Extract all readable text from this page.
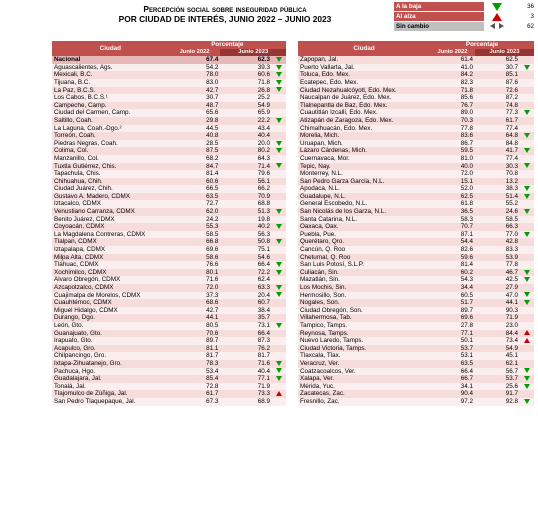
Percepción social sobre inseguridad pública
POR CIUDAD DE INTERÉS, JUNIO 2022 – JUNIO 2023
A la baja		36
Al alza		3
Sin cambio		62
Ciudad	Porcentaje		
	Junio 2022	Junio 2023	
Nacional	67.4	62.3	
Aguascalientes, Ags.	54.2	39.3	
Mexicali, B.C.	78.0	60.6	
Tijuana, B.C.	83.0	71.8	
La Paz, B.C.S.	42.7	26.8	
Los Cabos, B.C.S.¹	30.7	25.2	
Campeche, Camp.	48.7	54.9	
Ciudad del Carmen, Camp.	65.6	65.9	
Saltillo, Coah.	29.8	22.2	
La Laguna, Coah.-Dgo.²	44.5	43.4	
Torreón, Coah.	40.8	40.4	
Piedras Negras, Coah.	28.5	20.0	
Colima, Col.	87.5	80.2	
Manzanillo, Col.	68.2	64.3	
Tuxtla Gutiérrez, Chis.	84.7	71.4	
Tapachula, Chis.	81.4	79.6	
Chihuahua, Chih.	60.6	56.1	
Ciudad Juárez, Chih.	66.5	66.2	
Gustavo A. Madero, CDMX	63.5	70.9	
Iztacalco, CDMX	72.7	68.8	
Venustiano Carranza, CDMX	62.0	51.3	
Benito Juárez, CDMX	24.2	19.8	
Coyoacán, CDMX	55.3	40.2	
La Magdalena Contreras, CDMX	58.5	56.3	
Tlalpan, CDMX	66.8	50.8	
Iztapalapa, CDMX	69.6	75.1	
Milpa Alta, CDMX	58.6	54.6	
Tláhuac, CDMX	76.6	66.4	
Xochimilco, CDMX	80.1	72.2	
Álvaro Obregón, CDMX	71.6	62.4	
Azcapotzalco, CDMX	72.0	63.3	
Cuajimalpa de Morelos, CDMX	37.3	20.4	
Cuauhtémoc, CDMX	68.6	60.7	
Miguel Hidalgo, CDMX	42.7	38.4	
Durango, Dgo.	44.1	35.7	
León, Gto.	80.5	73.1	
Guanajuato, Gto.	70.6	66.4	
Irapuato, Gto.	89.7	87.3	
Acapulco, Gro.	81.1	76.2	
Chilpancingo, Gro.	81.7	81.7	
Ixtapa-Zihuatanejo, Gro.	78.3	71.6	
Pachuca, Hgo.	53.4	40.4	
Guadalajara, Jal.	85.4	77.1	
Tonalá, Jal.	72.8	71.9	
Tlajomulco de Zúñiga, Jal.	61.7	73.3	
San Pedro Tlaquepaque, Jal.	67.3	68.9	
Ciudad	Porcentaje		
	Junio 2022	Junio 2023	
Zapopan, Jal.	61.4	62.5	
Puerto Vallarta, Jal.	41.0	30.7	
Toluca, Edo. Mex.	84.2	85.1	
Ecatepec, Edo. Mex.	82.3	87.6	
Ciudad Nezahualcóyotl, Edo. Mex.	71.8	72.6	
Naucalpan de Juárez, Edo. Mex.	85.6	87.2	
Tlalnepantla de Baz, Edo. Mex.	76.7	74.8	
Cuautitlán Izcalli, Edo. Mex.	89.0	77.3	
Atizapán de Zaragoza, Edo. Mex.	70.3	61.7	
Chimalhuacán, Edo. Mex.	77.8	77.4	
Morelia, Mich.	83.6	64.8	
Uruapan, Mich.	86.7	84.8	
Lázaro Cárdenas, Mich.	59.5	41.7	
Cuernavaca, Mor.	81.0	77.4	
Tepic, Nay.	40.0	30.3	
Monterrey, N.L.	72.0	70.8	
San Pedro Garza García, N.L.	15.1	13.2	
Apodaca, N.L.	52.0	38.3	
Guadalupe, N.L.	62.5	51.4	
General Escobedo, N.L.	61.8	55.2	
San Nicolás de los Garza, N.L.	36.5	24.6	
Santa Catarina, N.L.	58.3	58.5	
Oaxaca, Oax.	70.7	66.3	
Puebla, Pue.	87.1	77.0	
Querétaro, Qro.	54.4	42.8	
Cancún, Q. Roo	82.6	83.3	
Chetumal, Q. Roo	59.6	53.9	
San Luis Potosí, S.L.P.	81.4	77.8	
Culiacán, Sin.	60.2	46.7	
Mazatlán, Sin.	54.3	42.5	
Los Mochis, Sin.	34.4	27.9	
Hermosillo, Son.	60.5	47.0	
Nogales, Son.	51.7	44.1	
Ciudad Obregón, Son.	89.7	90.3	
Villahermosa, Tab.	69.6	71.9	
Tampico, Tamps.	27.8	23.0	
Reynosa, Tamps.	77.1	84.4	
Nuevo Laredo, Tamps.	50.1	73.4	
Ciudad Victoria, Tamps.	53.7	54.9	
Tlaxcala, Tlax.	53.1	45.1	
Veracruz, Ver.	63.5	62.1	
Coatzacoalcos, Ver.	66.4	56.7	
Xalapa, Ver.	66.7	53.7	
Mérida, Yuc.	34.1	25.6	
Zacatecas, Zac.	90.4	91.7	
Fresnillo, Zac.	97.2	92.8	
